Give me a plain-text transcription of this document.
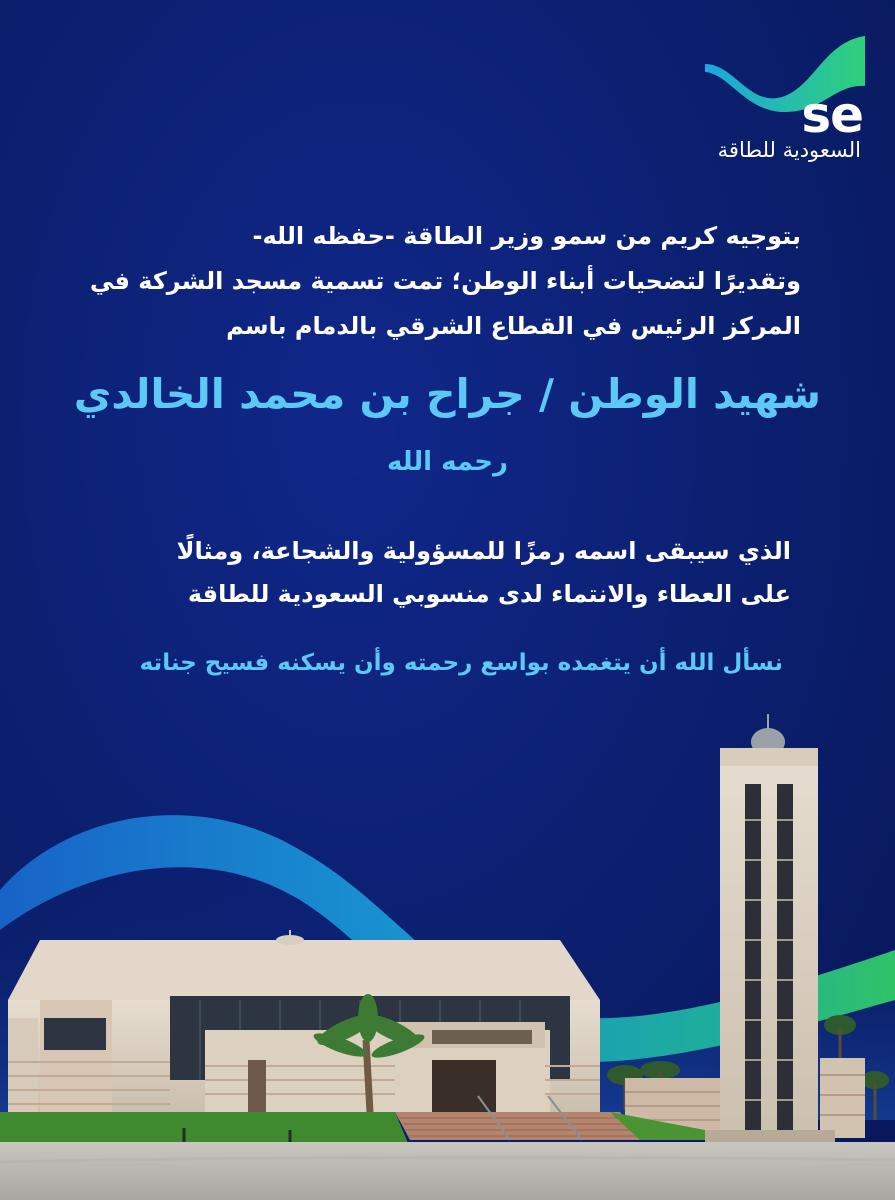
se
السعودية للطاقة
بتوجيه كريم من سمو وزير الطاقة -حفظه الله-
وتقديرًا لتضحيات أبناء الوطن؛ تمت تسمية مسجد الشركة في
المركز الرئيس في القطاع الشرقي بالدمام باسم
شهيد الوطن / جراح بن محمد الخالدي
رحمه الله
الذي سيبقى اسمه رمزًا للمسؤولية والشجاعة، ومثالًا
على العطاء والانتماء لدى منسوبي السعودية للطاقة
نسأل الله أن يتغمده بواسع رحمته وأن يسكنه فسيح جناته
